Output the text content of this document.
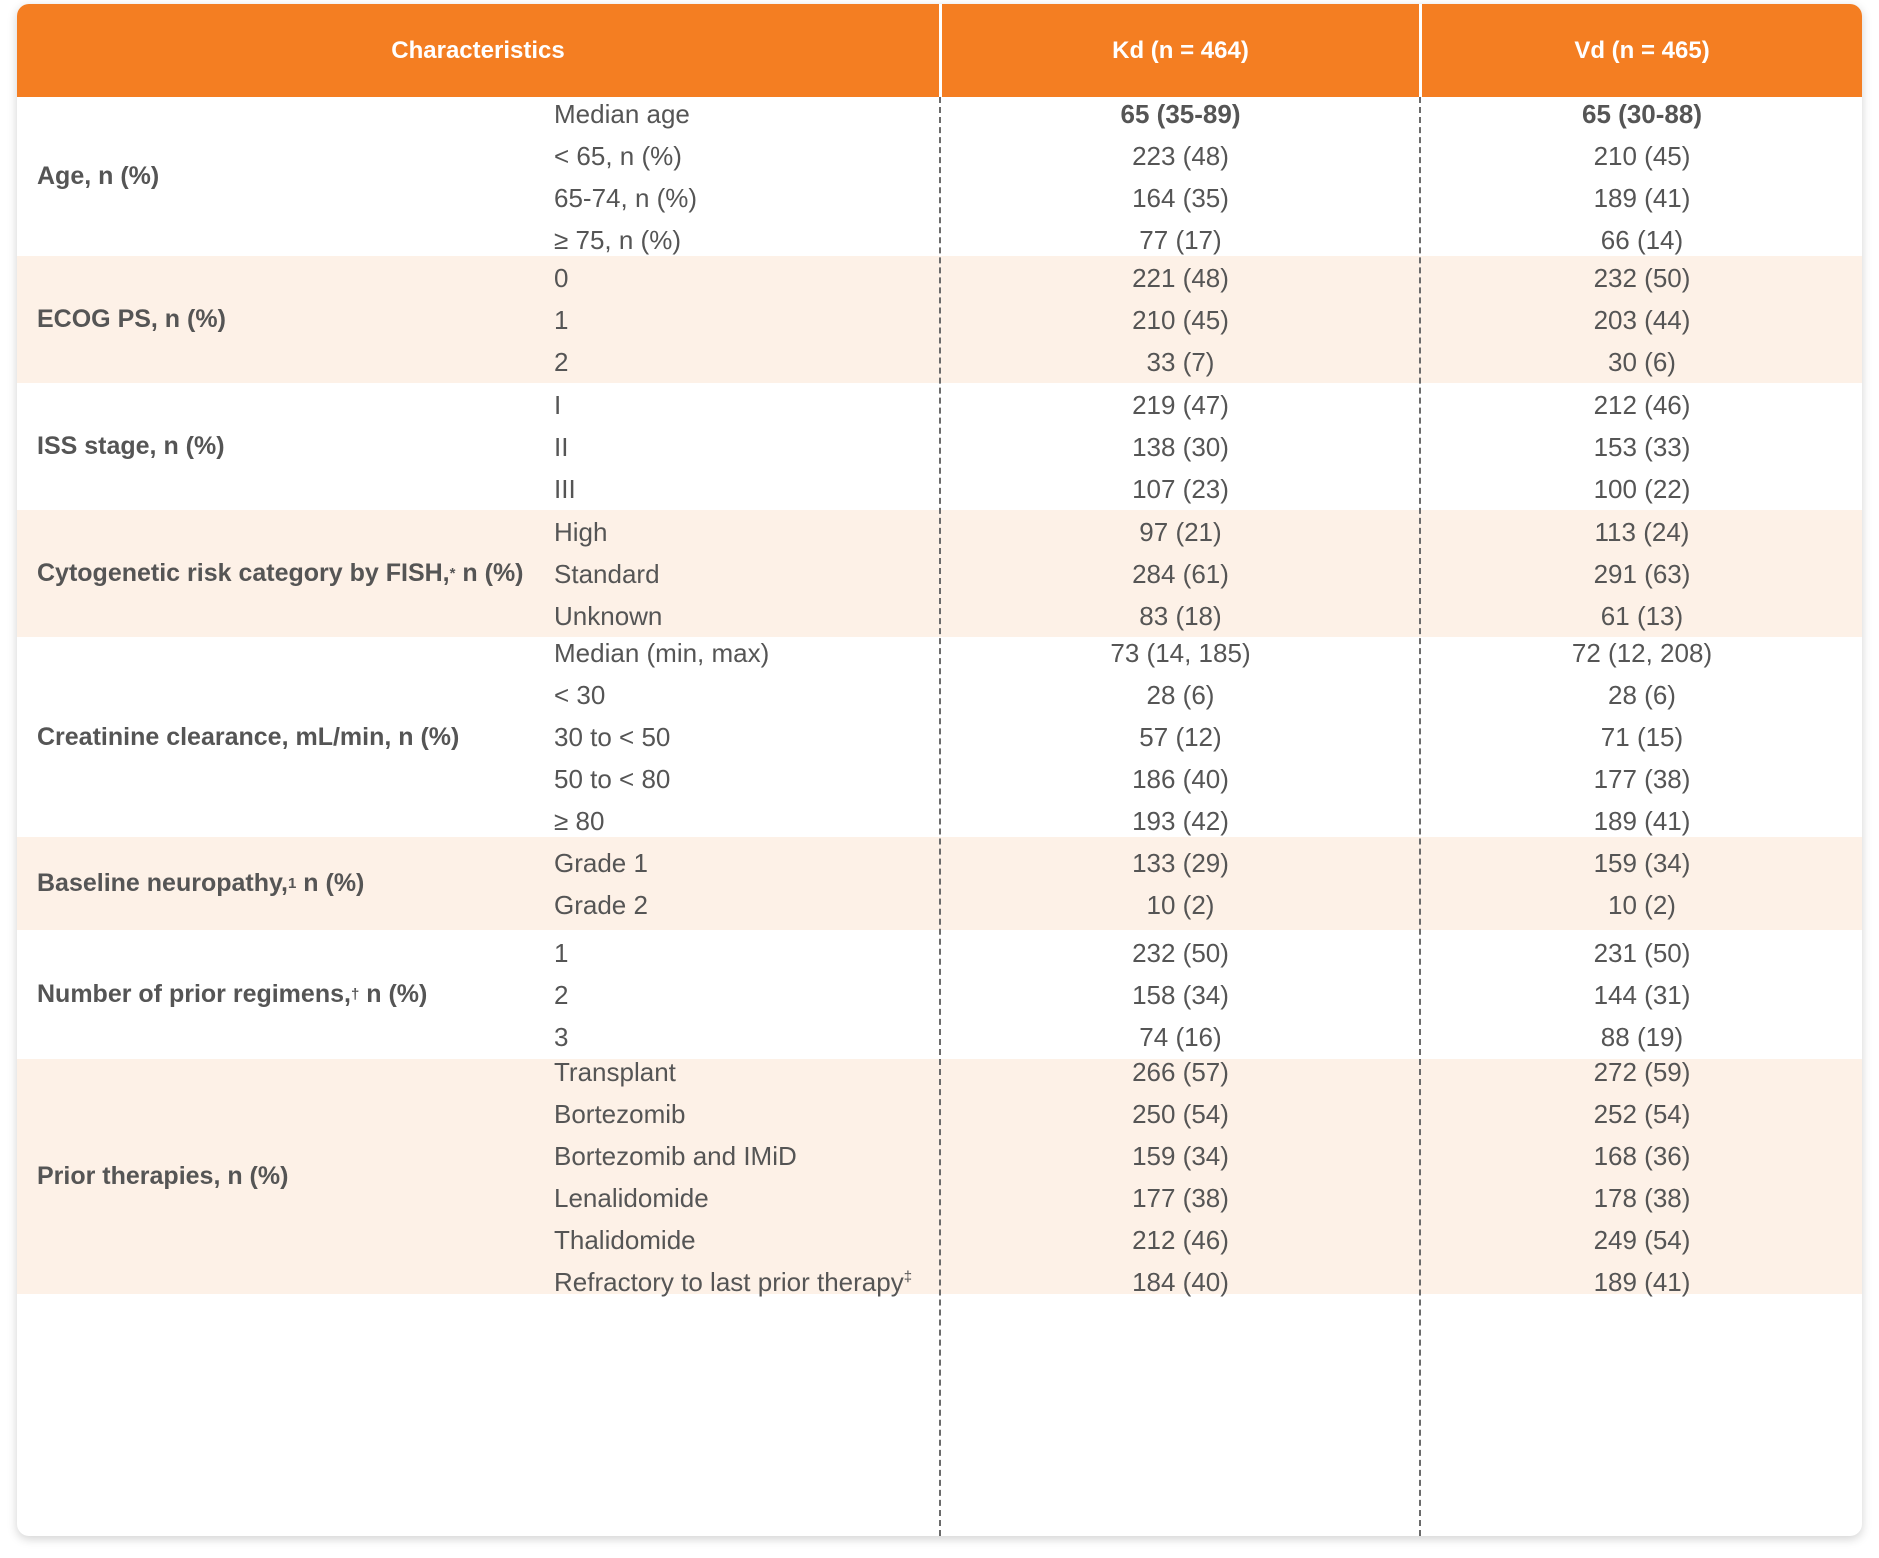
Characteristics	Kd (n = 464)	Vd (n = 465)
Age, n (%)
Median age
< 65, n (%)
65-74, n (%)
≥ 75, n (%)
65 (35-89)
223 (48)
164 (35)
77 (17)
65 (30-88)
210 (45)
189 (41)
66 (14)
ECOG PS, n (%)
0
1
2
221 (48)
210 (45)
33 (7)
232 (50)
203 (44)
30 (6)
ISS stage, n (%)
I
II
III
219 (47)
138 (30)
107 (23)
212 (46)
153 (33)
100 (22)
Cytogenetic risk category by FISH, * n (%)
High
Standard
Unknown
97 (21)
284 (61)
83 (18)
113 (24)
291 (63)
61 (13)
Creatinine clearance, mL/min, n (%)
Median (min, max)
< 30
30 to < 50
50 to < 80
≥ 80
73 (14, 185)
28 (6)
57 (12)
186 (40)
193 (42)
72 (12, 208)
28 (6)
71 (15)
177 (38)
189 (41)
Baseline neuropathy, 1 n (%)
Grade 1
Grade 2
133 (29)
10 (2)
159 (34)
10 (2)
Number of prior regimens, † n (%)
1
2
3
232 (50)
158 (34)
74 (16)
231 (50)
144 (31)
88 (19)
Prior therapies, n (%)
Transplant
Bortezomib
Bortezomib and IMiD
Lenalidomide
Thalidomide
Refractory to last prior therapy‡
266 (57)
250 (54)
159 (34)
177 (38)
212 (46)
184 (40)
272 (59)
252 (54)
168 (36)
178 (38)
249 (54)
189 (41)
